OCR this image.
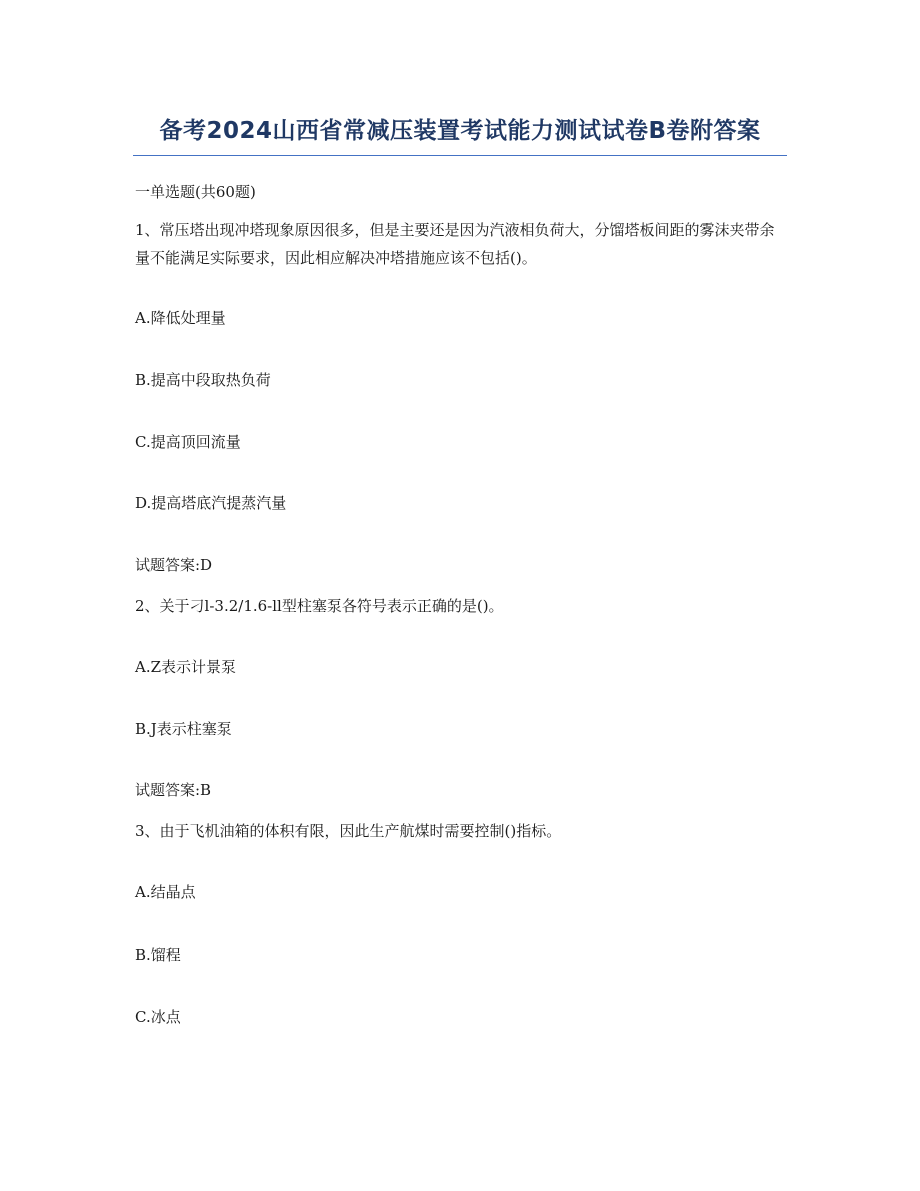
备考2024山西省常减压装置考试能力测试试卷B卷附答案
一单选题(共60题)
1、常压塔出现冲塔现象原因很多，但是主要还是因为汽液相负荷大，分馏塔板间距的雾沫夹带余量不能满足实际要求，因此相应解决冲塔措施应该不包括()。
A.降低处理量
B.提高中段取热负荷
C.提高顶回流量
D.提高塔底汽提蒸汽量
试题答案:D
2、关于刁l-3.2/1.6-ll型柱塞泵各符号表示正确的是()。
A.Z表示计景泵
B.J表示柱塞泵
试题答案:B
3、由于飞机油箱的体积有限，因此生产航煤时需要控制()指标。
A.结晶点
B.馏程
C.冰点
